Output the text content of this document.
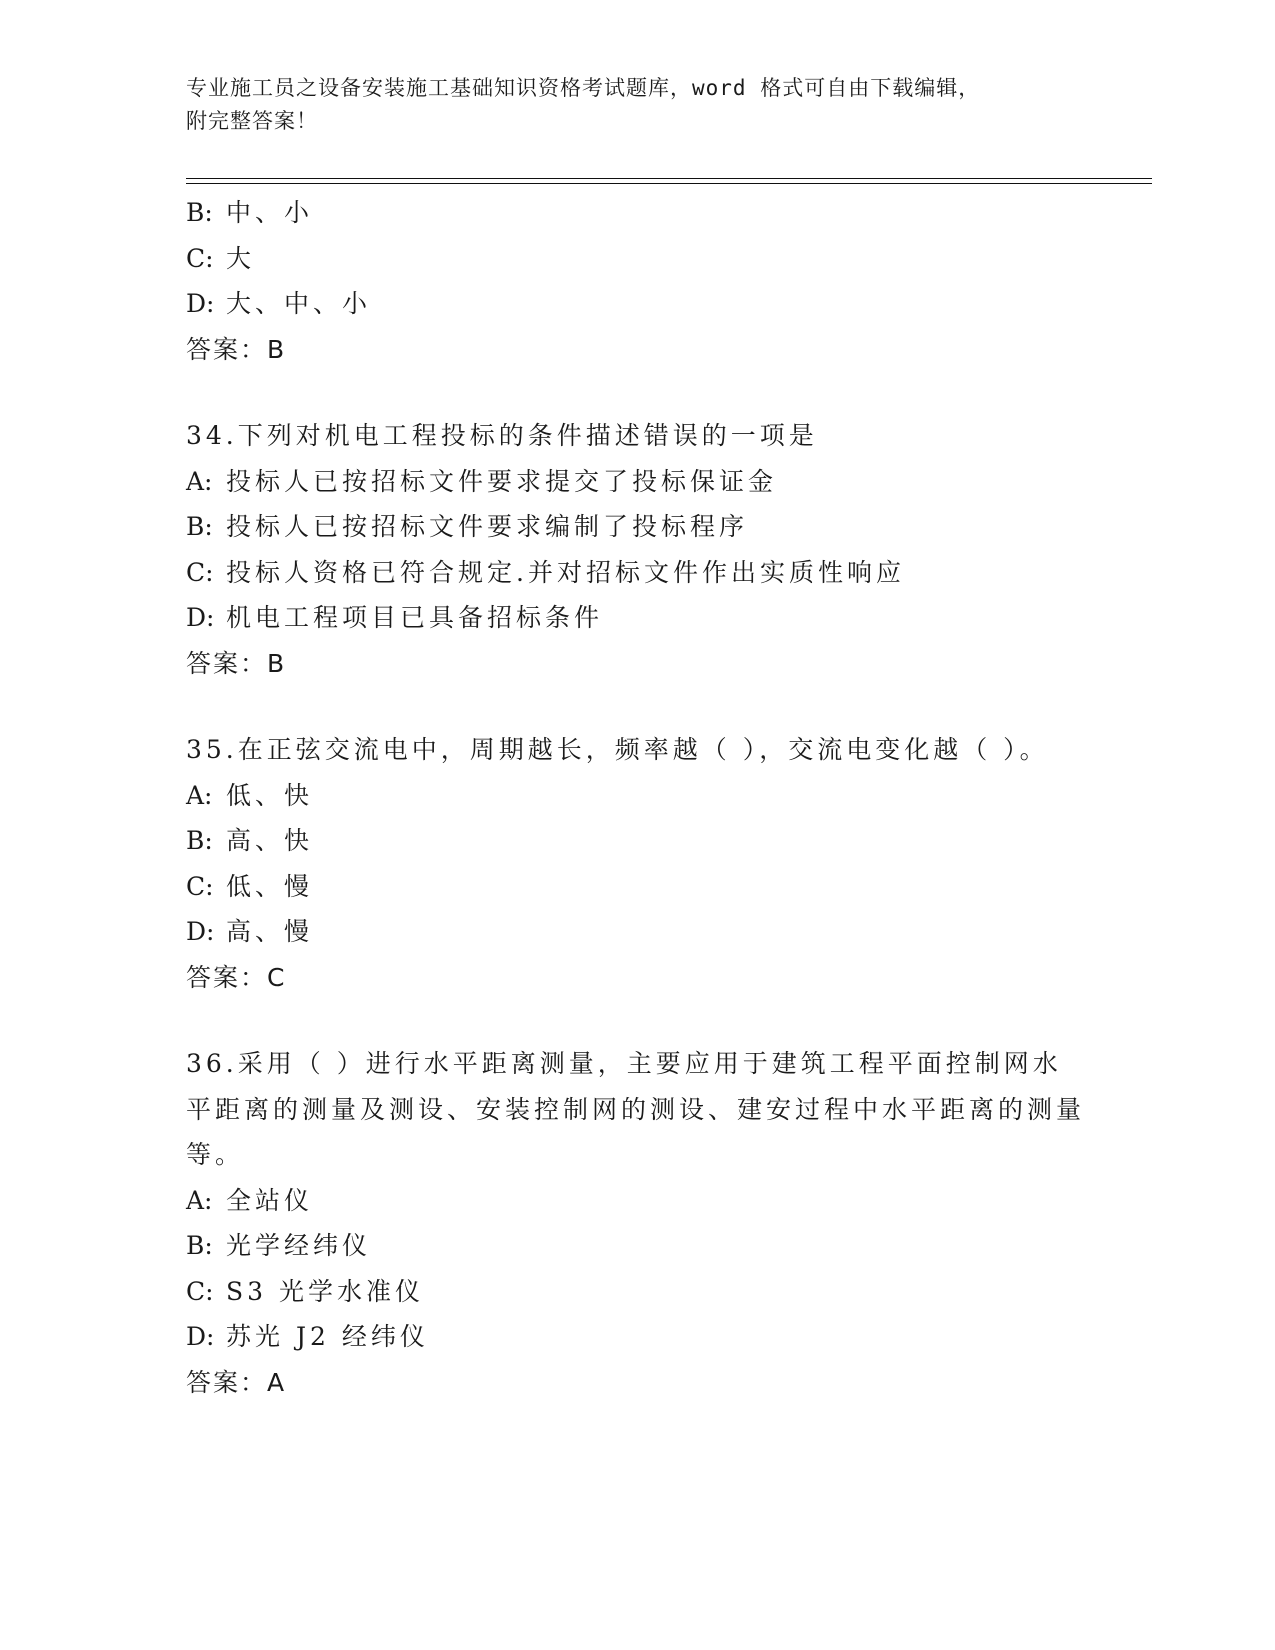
专业施工员之设备安装施工基础知识资格考试题库，word 格式可自由下载编辑，
附完整答案！
B: 中、小
C: 大
D: 大、中、小
答案：B
34.下列对机电工程投标的条件描述错误的一项是
A: 投标人已按招标文件要求提交了投标保证金
B: 投标人已按招标文件要求编制了投标程序
C: 投标人资格已符合规定.并对招标文件作出实质性响应
D: 机电工程项目已具备招标条件
答案：B
35.在正弦交流电中，周期越长，频率越（ ），交流电变化越（ ）。
A: 低、快
B: 高、快
C: 低、慢
D: 高、慢
答案：C
36.采用（ ）进行水平距离测量，主要应用于建筑工程平面控制网水平距离的测量及测设、安装控制网的测设、建安过程中水平距离的测量等。
A: 全站仪
B: 光学经纬仪
C: S3 光学水准仪
D: 苏光 J2 经纬仪
答案：A
